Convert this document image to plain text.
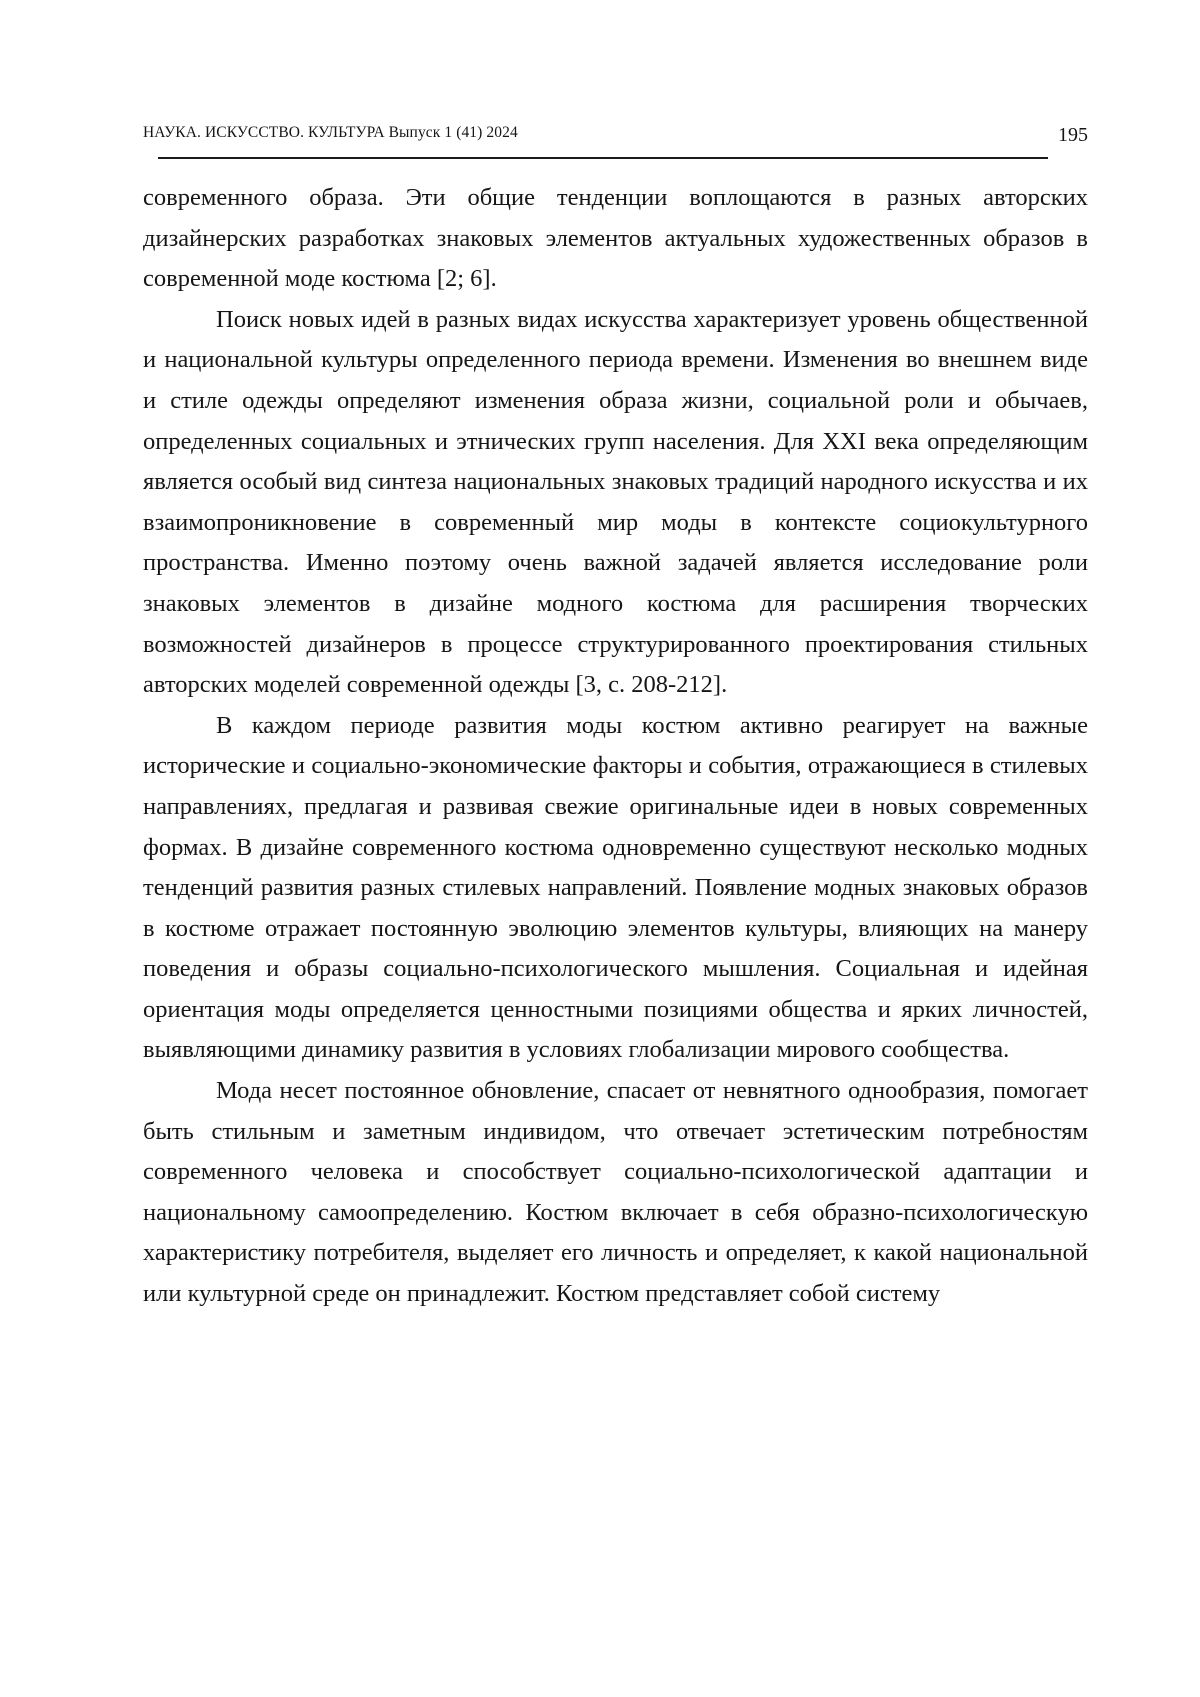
НАУКА. ИСКУССТВО. КУЛЬТУРА Выпуск 1 (41) 2024	195

современного образа. Эти общие тенденции воплощаются в разных авторских дизайнерских разработках знаковых элементов актуальных художественных образов в современной моде костюма [2; 6].

Поиск новых идей в разных видах искусства характеризует уровень общественной и национальной культуры определенного периода времени. Изменения во внешнем виде и стиле одежды определяют изменения образа жизни, социальной роли и обычаев, определенных социальных и этнических групп населения. Для XXI века определяющим является особый вид синтеза национальных знаковых традиций народного искусства и их взаимопроникновение в современный мир моды в контексте социокультурного пространства. Именно поэтому очень важной задачей является исследование роли знаковых элементов в дизайне модного костюма для расширения творческих возможностей дизайнеров в процессе структурированного проектирования стильных авторских моделей современной одежды [3, с. 208-212].

В каждом периоде развития моды костюм активно реагирует на важные исторические и социально-экономические факторы и события, отражающиеся в стилевых направлениях, предлагая и развивая свежие оригинальные идеи в новых современных формах. В дизайне современного костюма одновременно существуют несколько модных тенденций развития разных стилевых направлений. Появление модных знаковых образов в костюме отражает постоянную эволюцию элементов культуры, влияющих на манеру поведения и образы социально-психологического мышления. Социальная и идейная ориентация моды определяется ценностными позициями общества и ярких личностей, выявляющими динамику развития в условиях глобализации мирового сообщества.

Мода несет постоянное обновление, спасает от невнятного однообразия, помогает быть стильным и заметным индивидом, что отвечает эстетическим потребностям современного человека и способствует социально-психологической адаптации и национальному самоопределению. Костюм включает в себя образно-психологическую характеристику потребителя, выделяет его личность и определяет, к какой национальной или культурной среде он принадлежит. Костюм представляет собой систему
